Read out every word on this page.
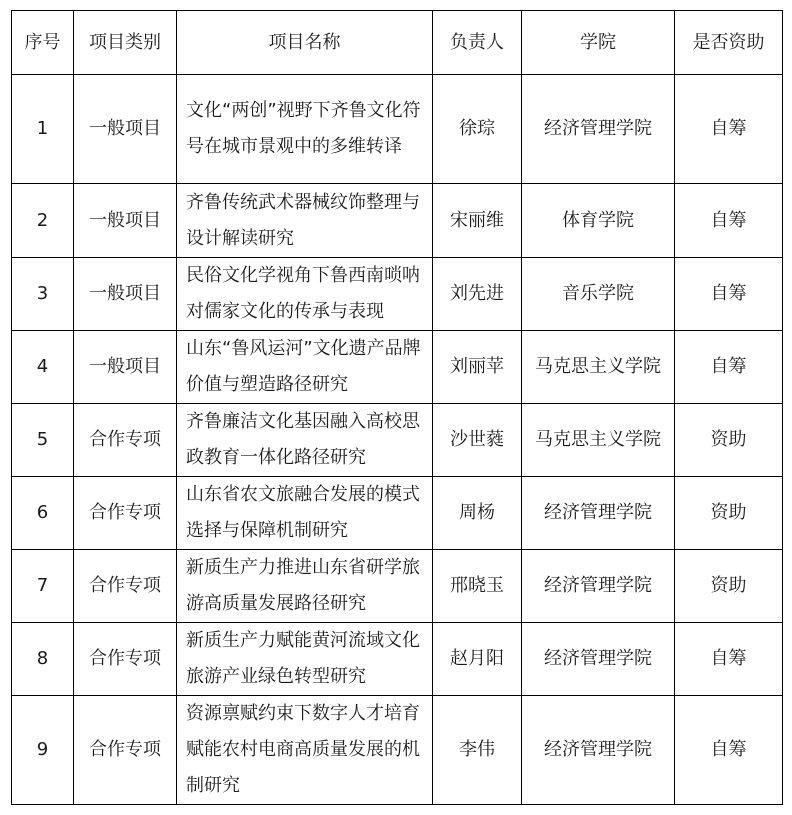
序号	项目类别	项目名称	负责人	学院	是否资助
1	一般项目	文化“两创”视野下齐鲁文化符号在城市景观中的多维转译	徐琮	经济管理学院	自筹
2	一般项目	齐鲁传统武术器械纹饰整理与设计解读研究	宋丽维	体育学院	自筹
3	一般项目	民俗文化学视角下鲁西南唢呐对儒家文化的传承与表现	刘先进	音乐学院	自筹
4	一般项目	山东“鲁风运河”文化遗产品牌价值与塑造路径研究	刘丽苹	马克思主义学院	自筹
5	合作专项	齐鲁廉洁文化基因融入高校思政教育一体化路径研究	沙世蕤	马克思主义学院	资助
6	合作专项	山东省农文旅融合发展的模式选择与保障机制研究	周杨	经济管理学院	资助
7	合作专项	新质生产力推进山东省研学旅游高质量发展路径研究	邢晓玉	经济管理学院	资助
8	合作专项	新质生产力赋能黄河流域文化旅游产业绿色转型研究	赵月阳	经济管理学院	自筹
9	合作专项	资源禀赋约束下数字人才培育赋能农村电商高质量发展的机制研究	李伟	经济管理学院	自筹
